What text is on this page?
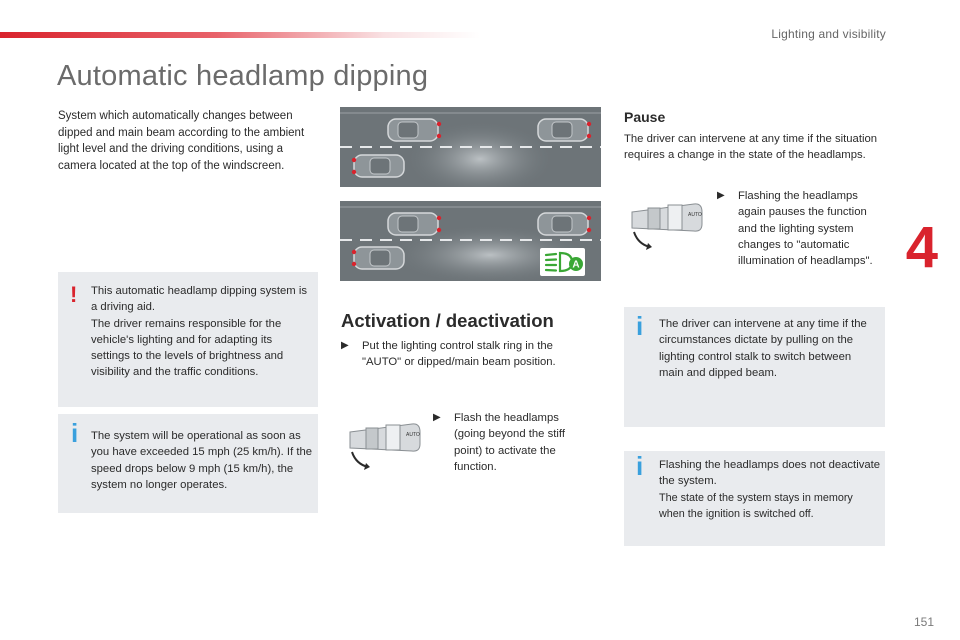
Lighting and visibility
4
Automatic headlamp dipping

System which automatically changes between dipped and main beam according to the ambient light level and the driving conditions, using a camera located at the top of the windscreen.

! This automatic headlamp dipping system is a driving aid.

The driver remains responsible for the vehicle's lighting and for adapting its settings to the levels of brightness and visibility and the traffic conditions.

i The system will be operational as soon as you have exceeded 15 mph (25 km/h). If the speed drops below 9 mph (15 km/h), the system no longer operates.

A
Activation / deactivation
▶ Put the lighting control stalk ring in the "AUTO" or dipped/main beam position.
AUTO
▶ Flash the headlamps (going beyond the stiff point) to activate the function.
Pause

The driver can intervene at any time if the situation requires a change in the state of the headlamps.

AUTO
▶ Flashing the headlamps again pauses the function and the lighting system changes to "automatic illumination of headlamps".
i The driver can intervene at any time if the circumstances dictate by pulling on the lighting control stalk to switch between main and dipped beam.

i Flashing the headlamps does not deactivate the system.

The state of the system stays in memory when the ignition is switched off.

151
